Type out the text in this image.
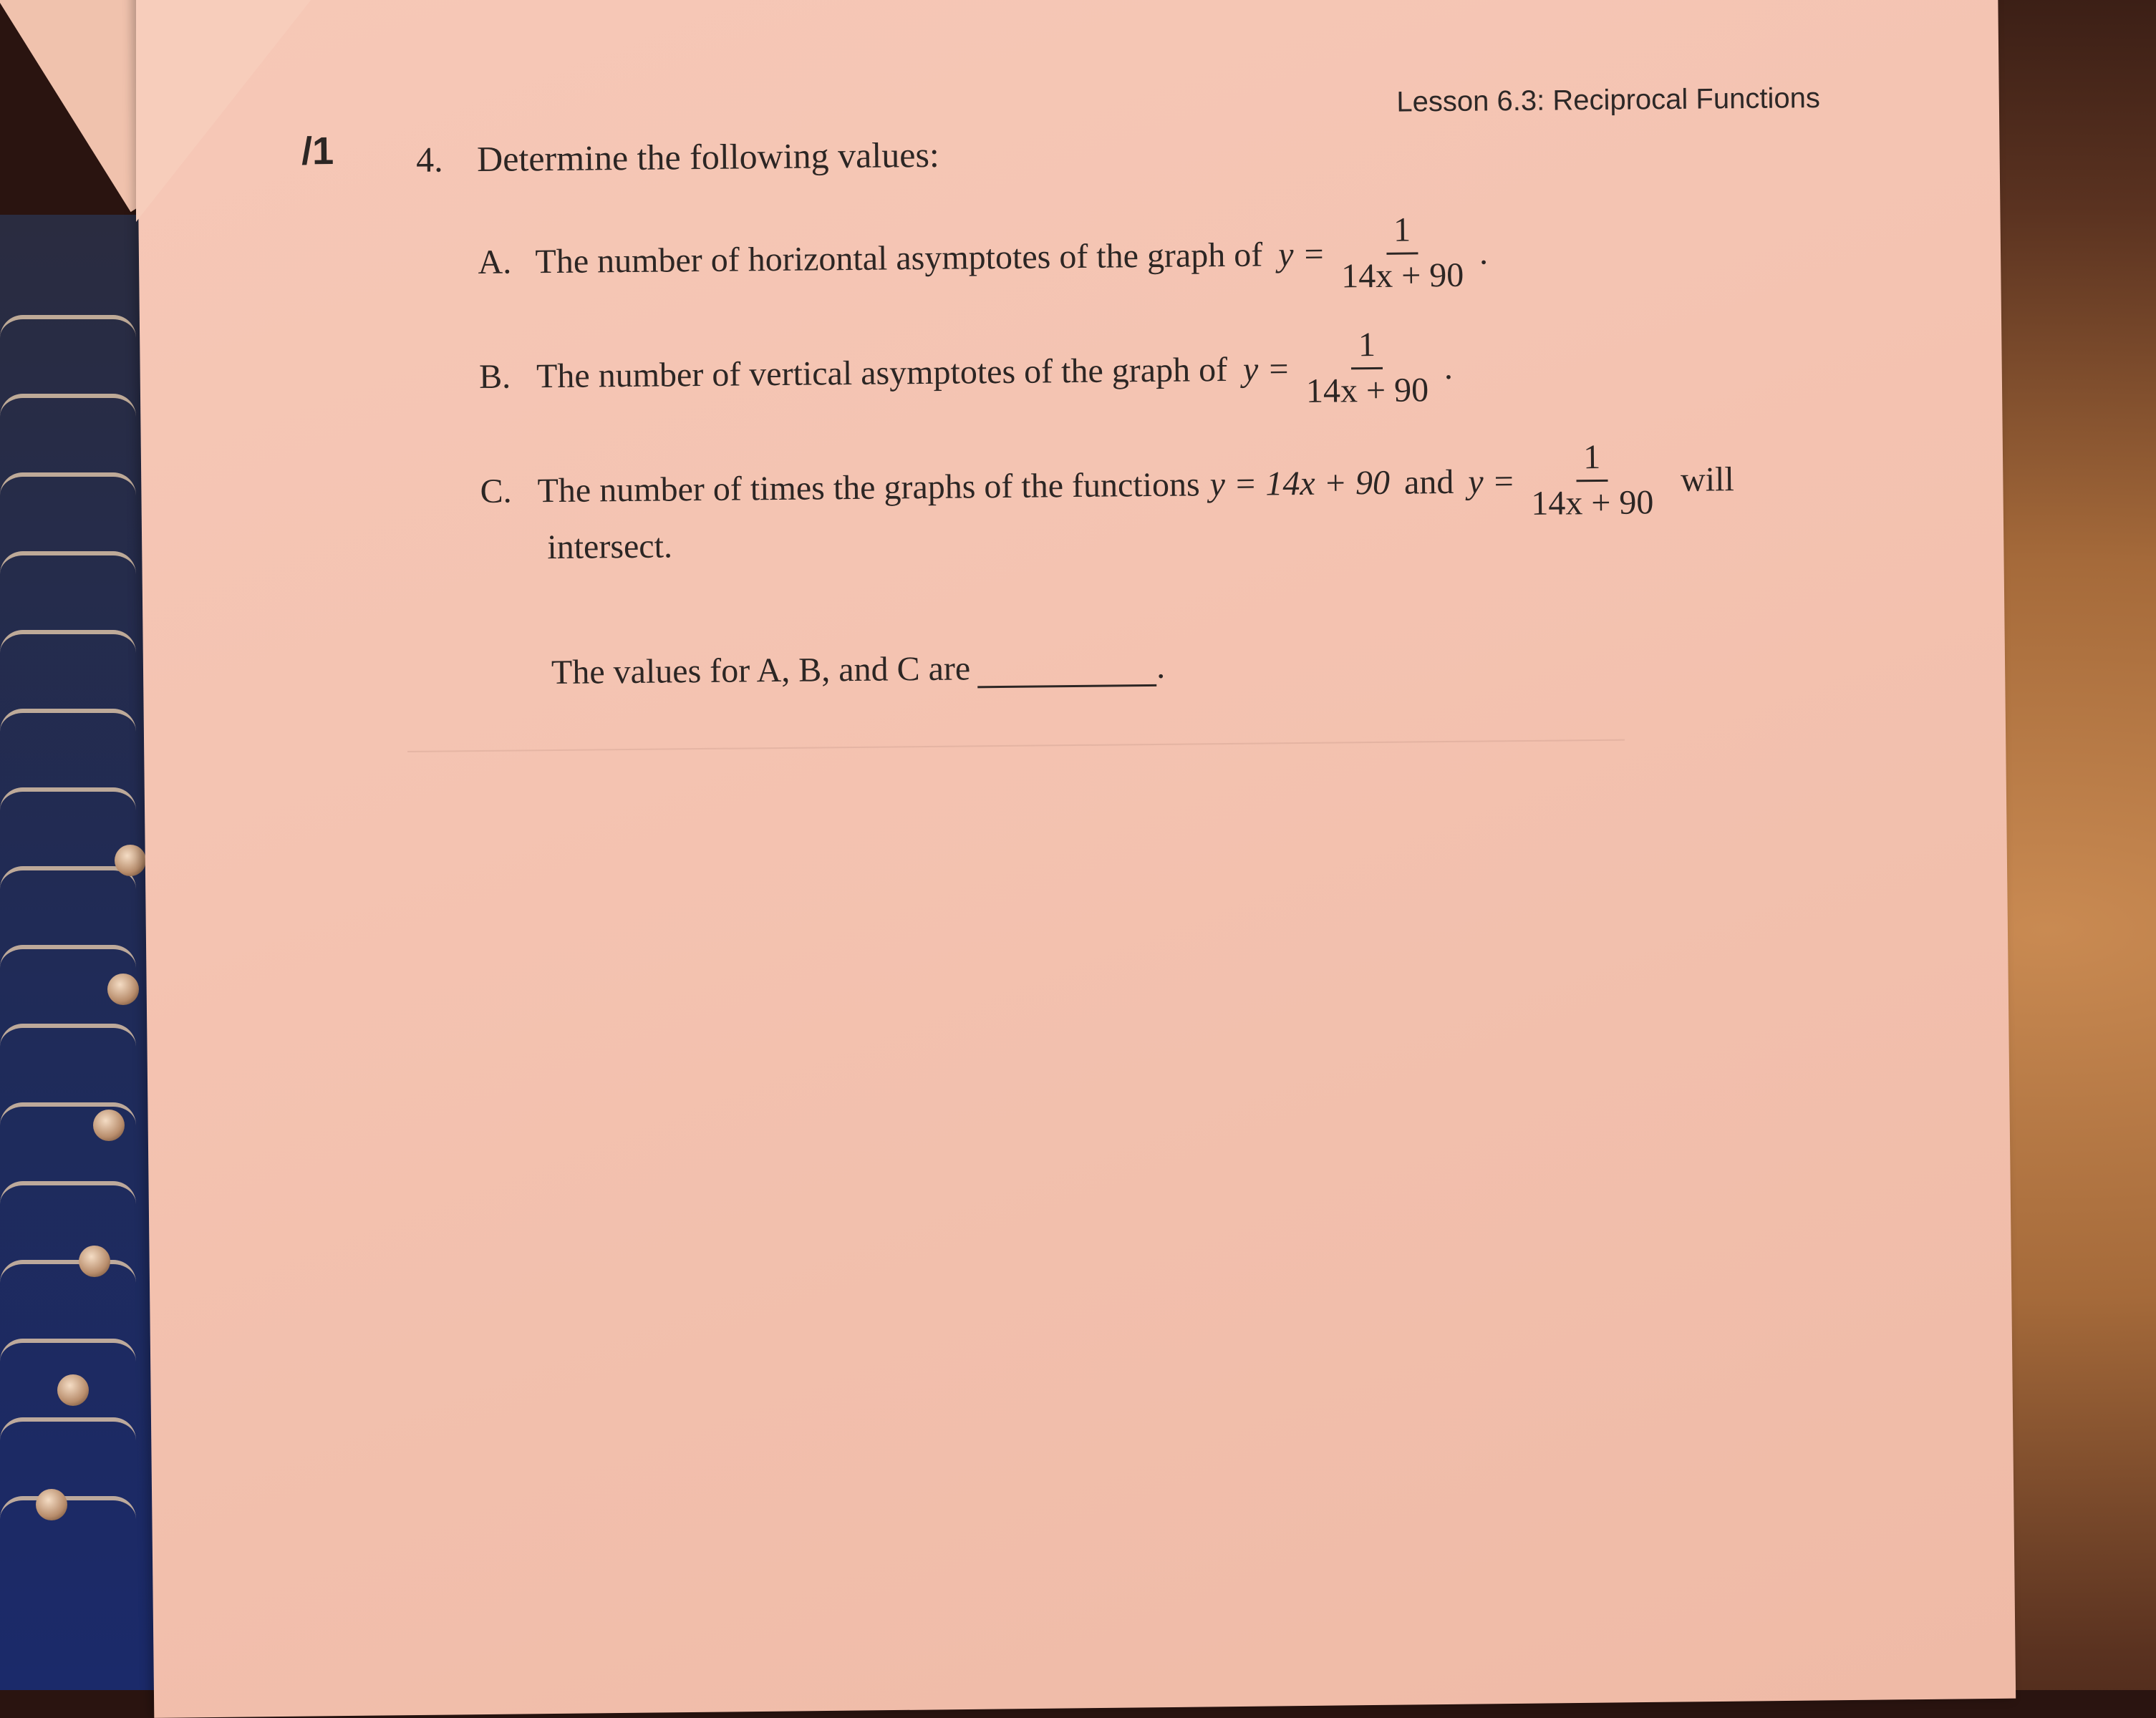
/1
Lesson 6.3: Reciprocal Functions
4. Determine the following values:
A. The number of horizontal asymptotes of the graph of $y = \frac{1}{14x + 90}$ .
B. The number of vertical asymptotes of the graph of $y = \frac{1}{14x + 90}$ .
C. The number of times the graphs of the functions y = 14x + 90 and $y = \frac{1}{14x + 90}$ will
intersect.
The values for A, B, and C are	.
